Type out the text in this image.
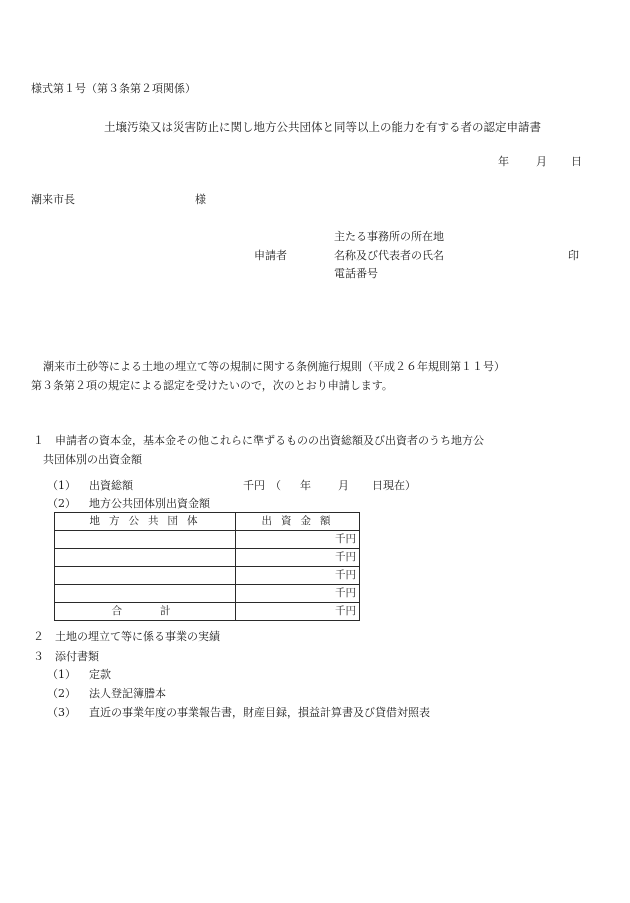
様式第１号（第３条第２項関係）
土壌汚染又は災害防止に関し地方公共団体と同等以上の能力を有する者の認定申請書
年 月 日
潮来市長	様
申請者
主たる事務所の所在地
名称及び代表者の氏名
電話番号
印
潮来市土砂等による土地の埋立て等の規制に関する条例施行規則（平成２６年規則第１１号）
第３条第２項の規定による認定を受けたいので，次のとおり申請します。
１　申請者の資本金，基本金その他これらに準ずるものの出資総額及び出資者のうち地方公
共団体別の出資金額
（1） 出資総額	千円 （ 年 月 日現在）
（2） 地方公共団体別出資金額
地方公共団体	出資金額
	千円
	千円
	千円
	千円
合計	千円
２　土地の埋立て等に係る事業の実績
３　添付書類
（1） 定款
（2） 法人登記簿謄本
（3） 直近の事業年度の事業報告書，財産目録，損益計算書及び貸借対照表
